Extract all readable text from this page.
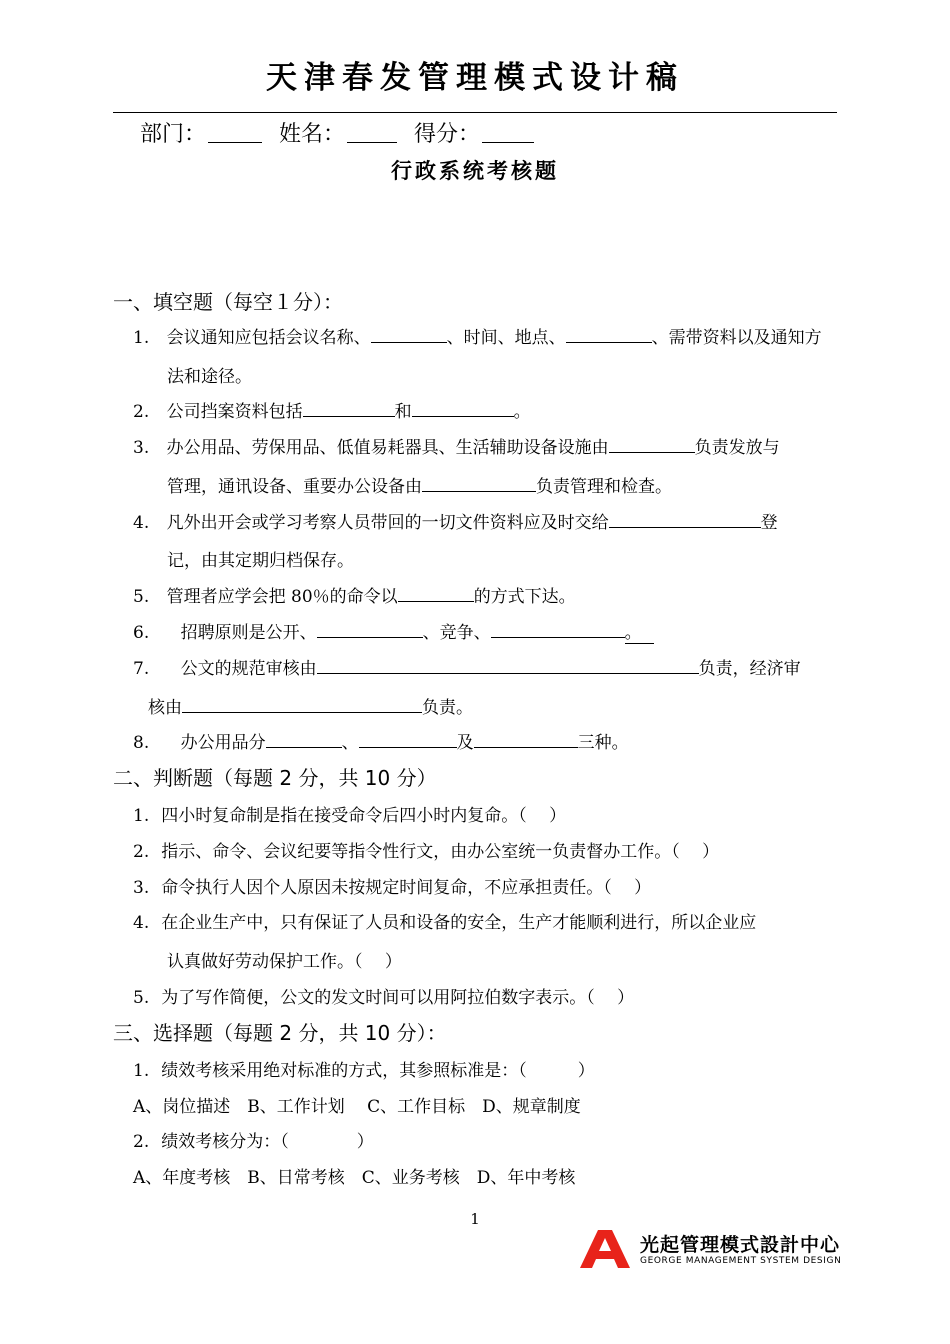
天津春发管理模式设计稿
部门：	姓名：	得分：
行政系统考核题
一、填空题（每空１分）：
1. 会议通知应包括会议名称、	、时间、地点、	、需带资料以及通知方
法和途径。
2. 公司挡案资料包括	和	。
3. 办公用品、劳保用品、低值易耗器具、生活辅助设备设施由	负责发放与
管理，通讯设备、重要办公设备由	负责管理和检查。
4. 凡外出开会或学习考察人员带回的一切文件资料应及时交给	登
记，由其定期归档保存。
5. 管理者应学会把 80％的命令以	的方式下达。
6. 招聘原则是公开、	、竞争、	。
7. 公文的规范审核由	负责，经济审
核由	负责。
8. 办公用品分	、	及	三种。
二、判断题（每题 2 分，共 10 分）
1. 四小时复命制是指在接受命令后四小时内复命。（　 ）
2. 指示、命令、会议纪要等指令性行文，由办公室统一负责督办工作。（　 ）
3. 命令执行人因个人原因未按规定时间复命，不应承担责任。（　 ）
4. 在企业生产中，只有保证了人员和设备的安全，生产才能顺利进行，所以企业应
认真做好劳动保护工作。（　 ）
5. 为了写作简便，公文的发文时间可以用阿拉伯数字表示。（　 ）
三、选择题（每题 2 分，共 10 分）：
1. 绩效考核采用绝对标准的方式，其参照标准是：（　　　）
A、岗位描述　B、工作计划　 C、工作目标　D、规章制度
2. 绩效考核分为：（　　　　）
A、年度考核　B、日常考核　C、业务考核　D、年中考核
1
光起管理模式設計中心
GEORGE MANAGEMENT SYSTEM DESIGN
